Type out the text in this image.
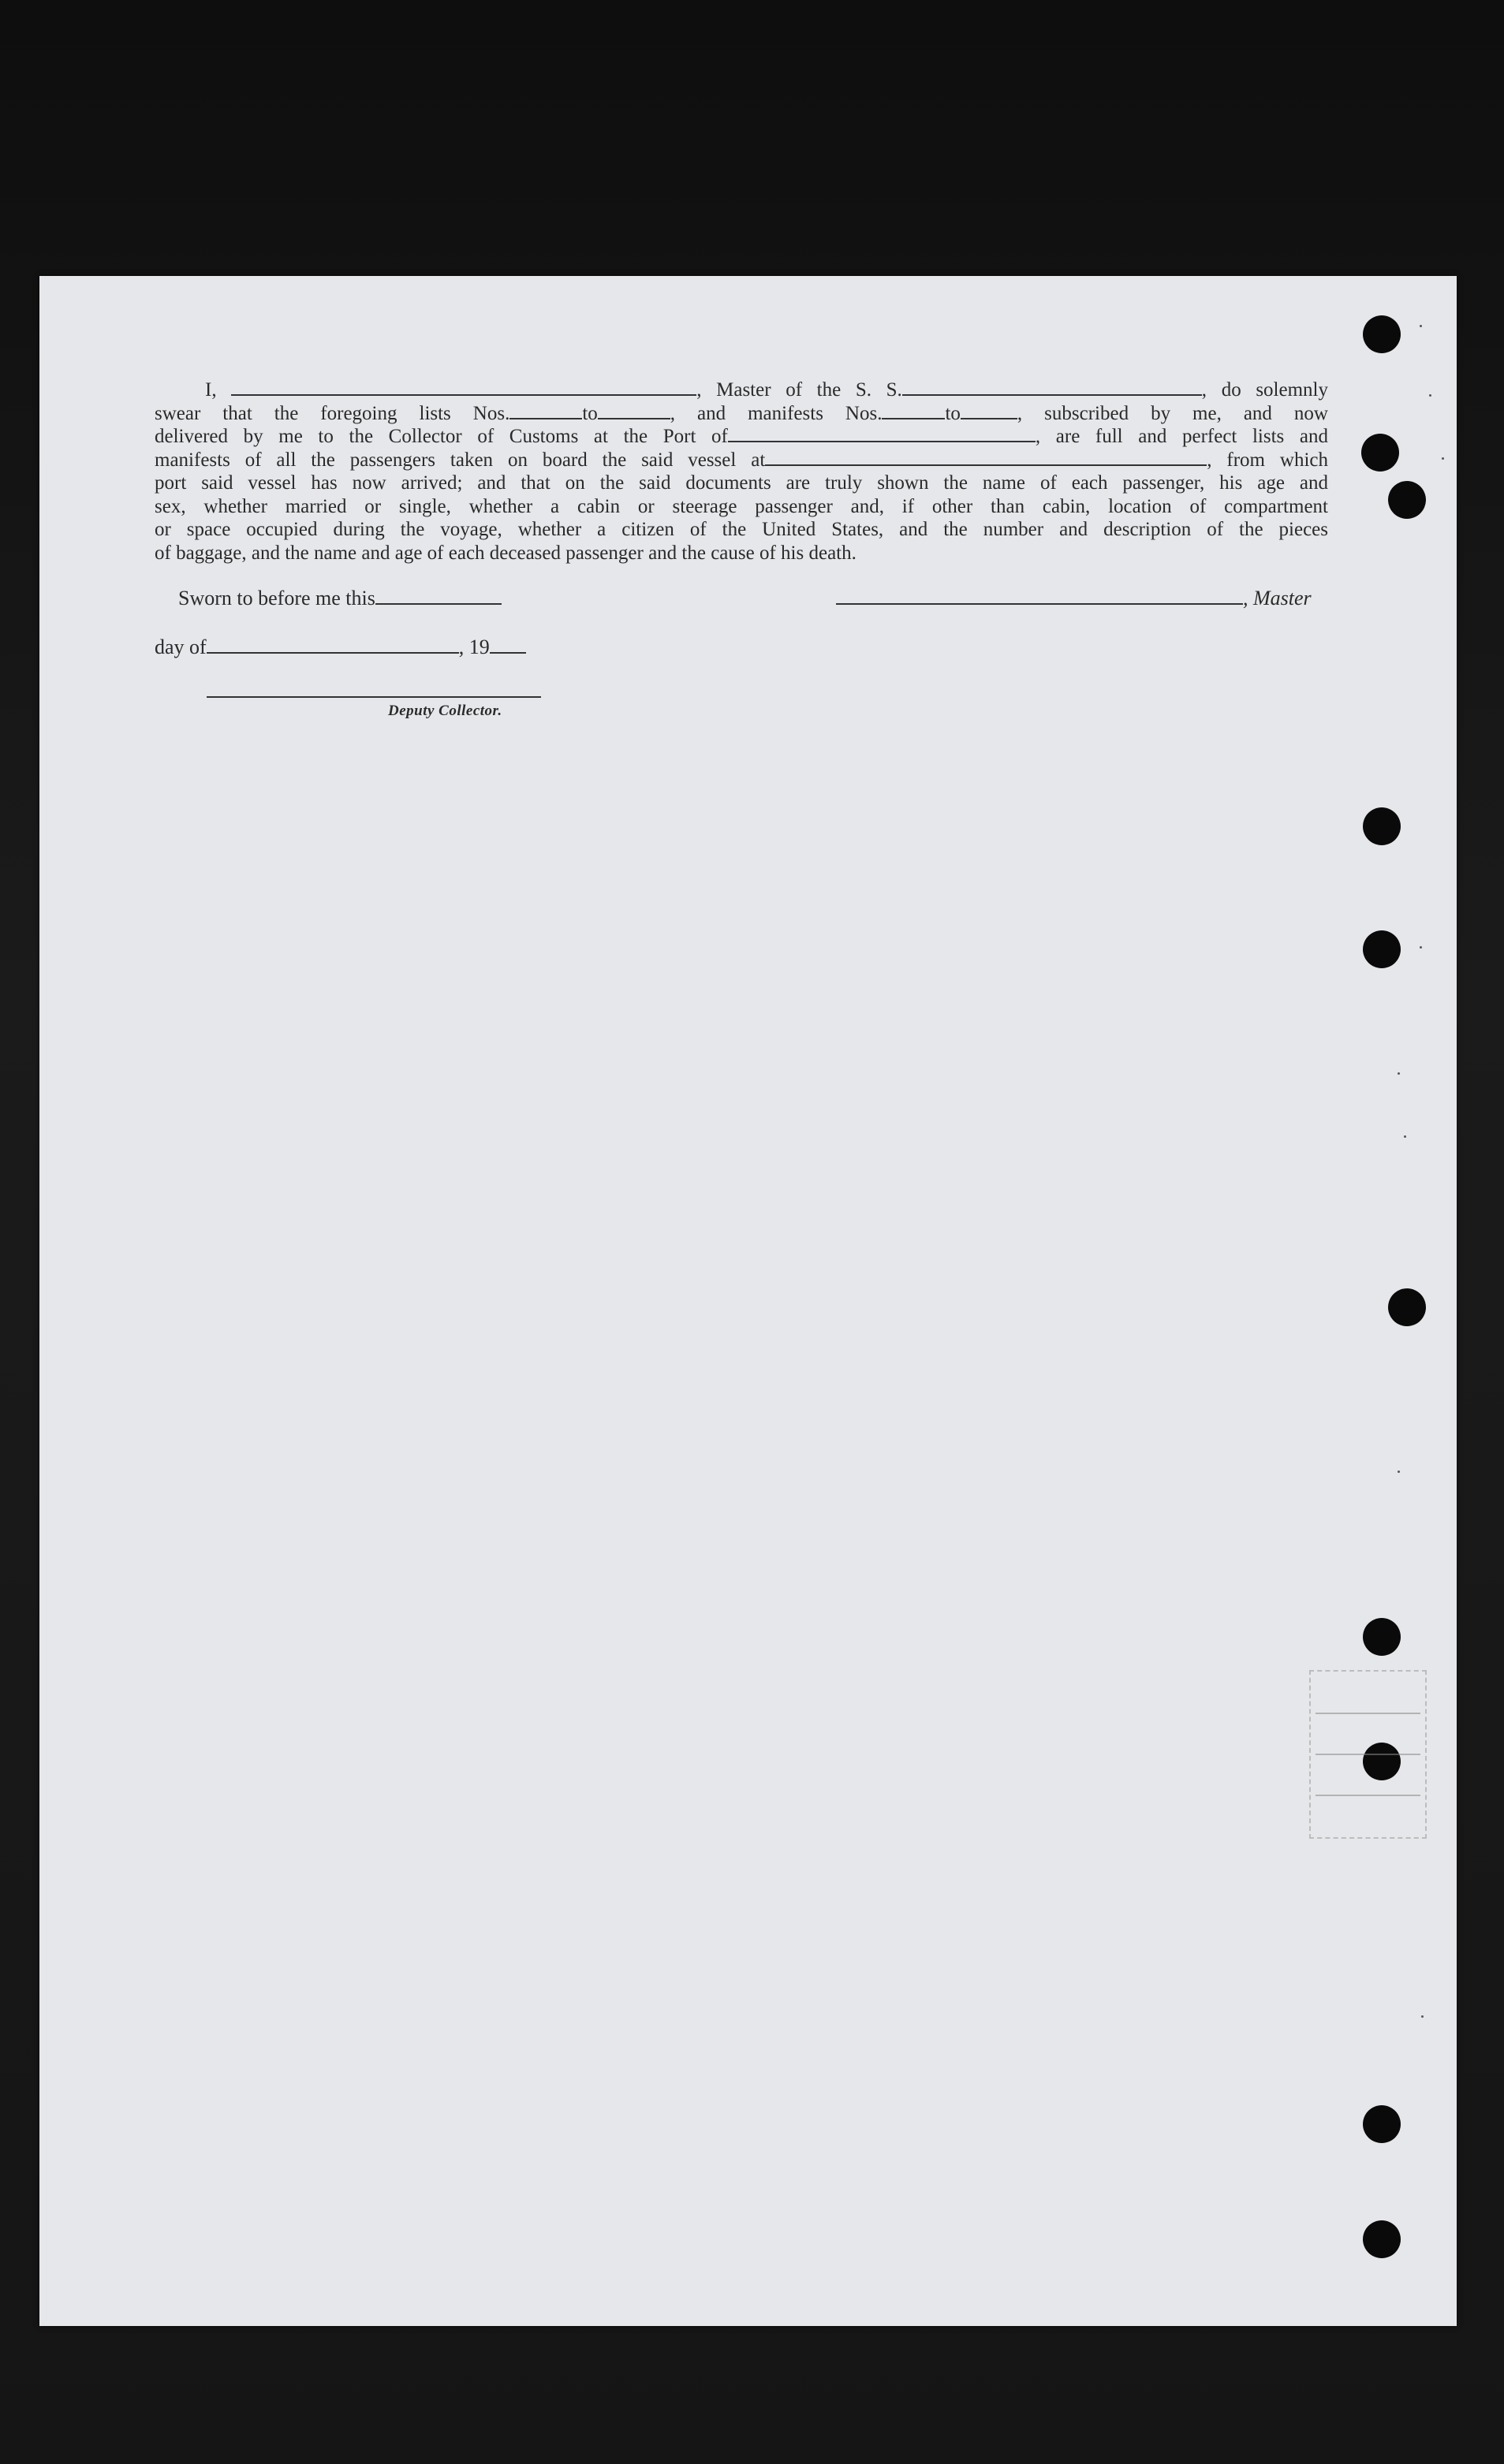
I,	, Master of the S. S.	, do solemnly
swear that the foregoing lists Nos.	to	, and manifests Nos.	to	, subscribed by me, and now
delivered by me to the Collector of Customs at the Port of	, are full and perfect lists and
manifests of all the passengers taken on board the said vessel at	, from which
port said vessel has now arrived; and that on the said documents are truly shown the name of each passenger, his age and
sex, whether married or single, whether a cabin or steerage passenger and, if other than cabin, location of compartment
or space occupied during the voyage, whether a citizen of the United States, and the number and description of the pieces
of baggage, and the name and age of each deceased passenger and the cause of his death.
Sworn to before me this
day of	, 19
, Master
Deputy Collector.
